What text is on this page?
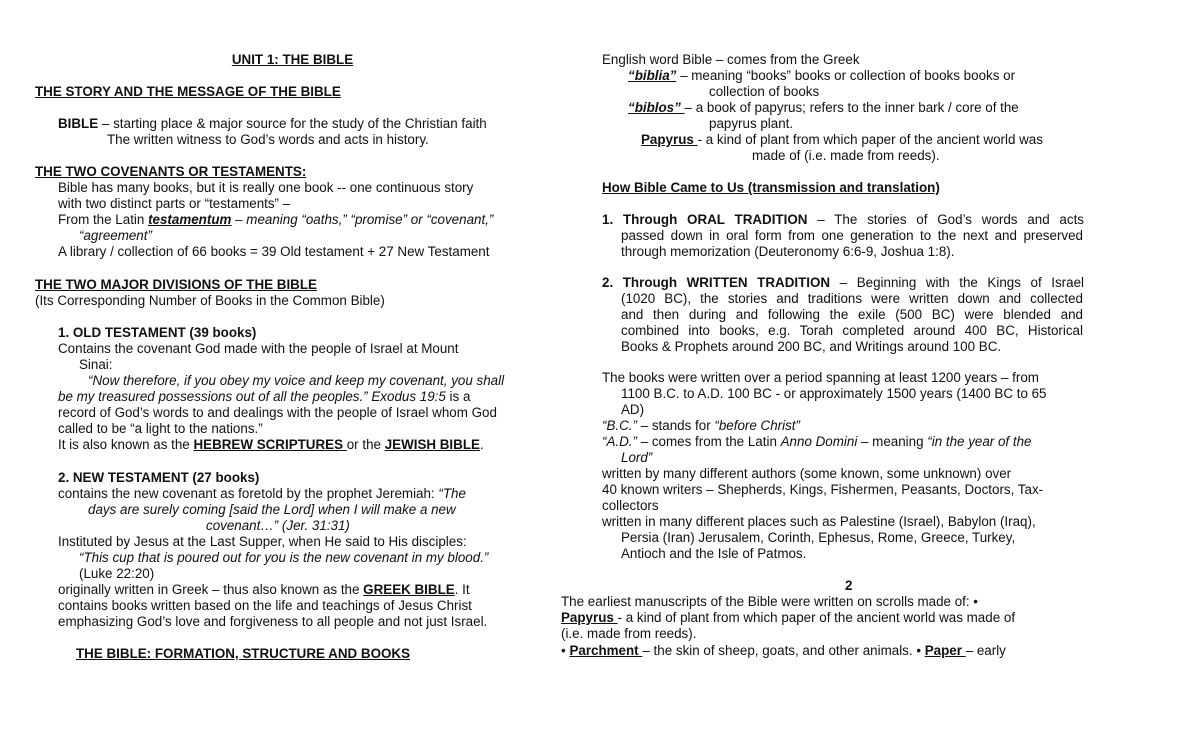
UNIT 1: THE BIBLE
THE STORY AND THE MESSAGE OF THE BIBLE
BIBLE – starting place & major source for the study of the Christian faith
The written witness to God’s words and acts in history.
THE TWO COVENANTS OR TESTAMENTS:
Bible has many books, but it is really one book -- one continuous story
with two distinct parts or “testaments” –
From the Latin testamentum – meaning “oaths,” “promise” or “covenant,”
“agreement”
A library / collection of 66 books = 39 Old testament + 27 New Testament
THE TWO MAJOR DIVISIONS OF THE BIBLE
(Its Corresponding Number of Books in the Common Bible)
1. OLD TESTAMENT (39 books)
Contains the covenant God made with the people of Israel at Mount
Sinai:
“Now therefore, if you obey my voice and keep my covenant, you shall
be my treasured possessions out of all the peoples.” Exodus 19:5 is a
record of God’s words to and dealings with the people of Israel whom God
called to be “a light to the nations.”
It is also known as the HEBREW SCRIPTURES or the JEWISH BIBLE.
2. NEW TESTAMENT (27 books)
contains the new covenant as foretold by the prophet Jeremiah: “The
days are surely coming [said the Lord] when I will make a new
covenant…” (Jer. 31:31)
Instituted by Jesus at the Last Supper, when He said to His disciples:
“This cup that is poured out for you is the new covenant in my blood.”
(Luke 22:20)
originally written in Greek – thus also known as the GREEK BIBLE. It
contains books written based on the life and teachings of Jesus Christ
emphasizing God’s love and forgiveness to all people and not just Israel.
THE BIBLE: FORMATION, STRUCTURE AND BOOKS
English word Bible – comes from the Greek
“biblia” – meaning “books” books or collection of books books or
collection of books
“biblos” – a book of papyrus; refers to the inner bark / core of the
papyrus plant.
Papyrus - a kind of plant from which paper of the ancient world was
made of (i.e. made from reeds).
How Bible Came to Us (transmission and translation)
1. Through ORAL TRADITION – The stories of God’s words and acts
passed down in oral form from one generation to the next and preserved
through memorization (Deuteronomy 6:6-9, Joshua 1:8).
2. Through WRITTEN TRADITION – Beginning with the Kings of Israel
(1020 BC), the stories and traditions were written down and collected
and then during and following the exile (500 BC) were blended and
combined into books, e.g. Torah completed around 400 BC, Historical
Books & Prophets around 200 BC, and Writings around 100 BC.
The books were written over a period spanning at least 1200 years – from
1100 B.C. to A.D. 100 BC - or approximately 1500 years (1400 BC to 65
AD)
“B.C.” – stands for “before Christ”
“A.D.” – comes from the Latin Anno Domini – meaning “in the year of the
Lord”
written by many different authors (some known, some unknown) over
40 known writers – Shepherds, Kings, Fishermen, Peasants, Doctors, Tax-
collectors
written in many different places such as Palestine (Israel), Babylon (Iraq),
Persia (Iran) Jerusalem, Corinth, Ephesus, Rome, Greece, Turkey,
Antioch and the Isle of Patmos.
2
The earliest manuscripts of the Bible were written on scrolls made of: •
Papyrus - a kind of plant from which paper of the ancient world was made of
(i.e. made from reeds).
• Parchment – the skin of sheep, goats, and other animals. • Paper – early
